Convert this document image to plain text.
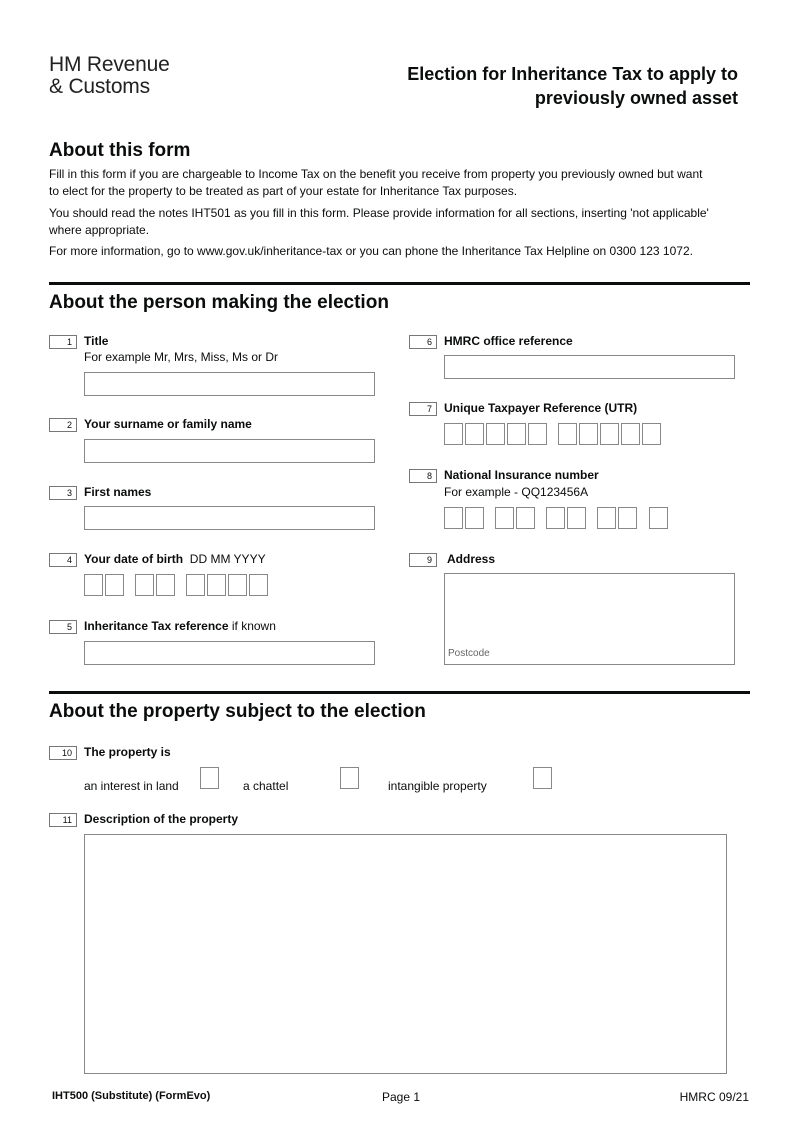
HM Revenue
& Customs
Election for Inheritance Tax to apply to
previously owned asset
About this form
Fill in this form if you are chargeable to Income Tax on the benefit you receive from property you previously owned but want
to elect for the property to be treated as part of your estate for Inheritance Tax purposes.
You should read the notes IHT501 as you fill in this form. Please provide information for all sections, inserting 'not applicable'
where appropriate.
For more information, go to www.gov.uk/inheritance-tax or you can phone the Inheritance Tax Helpline on 0300 123 1072.
About the person making the election
1	Title
For example Mr, Mrs, Miss, Ms or Dr
2	Your surname or family name
3	First names
4	Your date of birth DD MM YYYY
5	Inheritance Tax reference if known
6	HMRC office reference
7	Unique Taxpayer Reference (UTR)
8	National Insurance number
For example - QQ123456A
9	Address
Postcode
About the property subject to the election
10	The property is
an interest in land	a chattel	intangible property
11	Description of the property
IHT500 (Substitute) (FormEvo)	Page 1	HMRC 09/21
